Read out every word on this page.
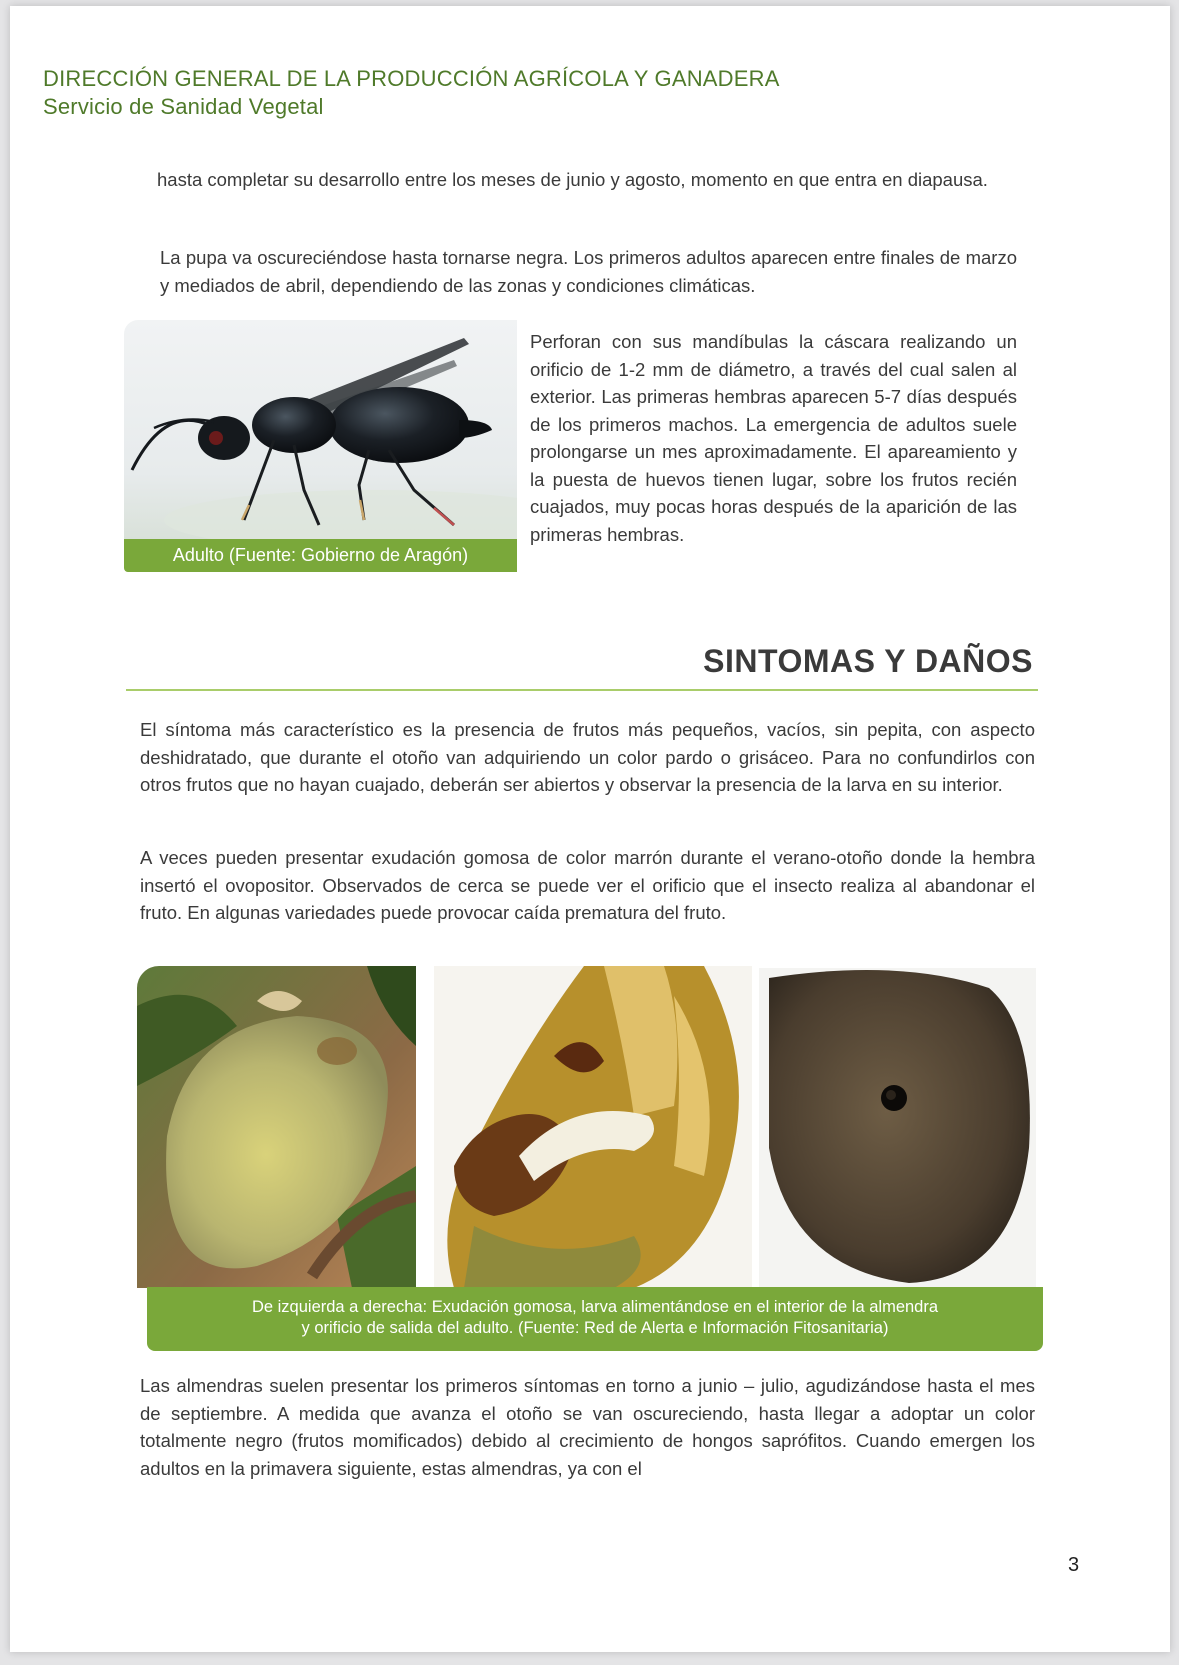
DIRECCIÓN GENERAL DE LA PRODUCCIÓN AGRÍCOLA Y GANADERA
Servicio de Sanidad Vegetal

hasta completar su desarrollo entre los meses de junio y agosto, momento en que entra en diapausa.

La pupa va oscureciéndose hasta tornarse negra. Los primeros adultos aparecen entre finales de marzo y mediados de abril, dependiendo de las zonas y condiciones climáticas.

Adulto (Fuente: Gobierno de Aragón)

Perforan con sus mandíbulas la cáscara realizando un orificio de 1-2 mm de diámetro, a través del cual salen al exterior. Las primeras hembras aparecen 5-7 días después de los primeros machos. La emergencia de adultos suele prolongarse un mes aproximadamente. El apareamiento y la puesta de huevos tienen lugar, sobre los frutos recién cuajados, muy pocas horas después de la aparición de las primeras hembras.

SINTOMAS Y DAÑOS

El síntoma más característico es la presencia de frutos más pequeños, vacíos, sin pepita, con aspecto deshidratado, que durante el otoño van adquiriendo un color pardo o grisáceo. Para no confundirlos con otros frutos que no hayan cuajado, deberán ser abiertos y observar la presencia de la larva en su interior.

A veces pueden presentar exudación gomosa de color marrón durante el verano-otoño donde la hembra insertó el ovopositor. Observados de cerca se puede ver el orificio que el insecto realiza al abandonar el fruto. En algunas variedades puede provocar caída prematura del fruto.

De izquierda a derecha: Exudación gomosa, larva alimentándose en el interior de la almendra
y orificio de salida del adulto. (Fuente: Red de Alerta e Información Fitosanitaria)

Las almendras suelen presentar los primeros síntomas en torno a junio – julio, agudizándose hasta el mes de septiembre. A medida que avanza el otoño se van oscureciendo, hasta llegar a adoptar un color totalmente negro (frutos momificados) debido al crecimiento de hongos saprófitos. Cuando emergen los adultos en la primavera siguiente, estas almendras, ya con el

3
